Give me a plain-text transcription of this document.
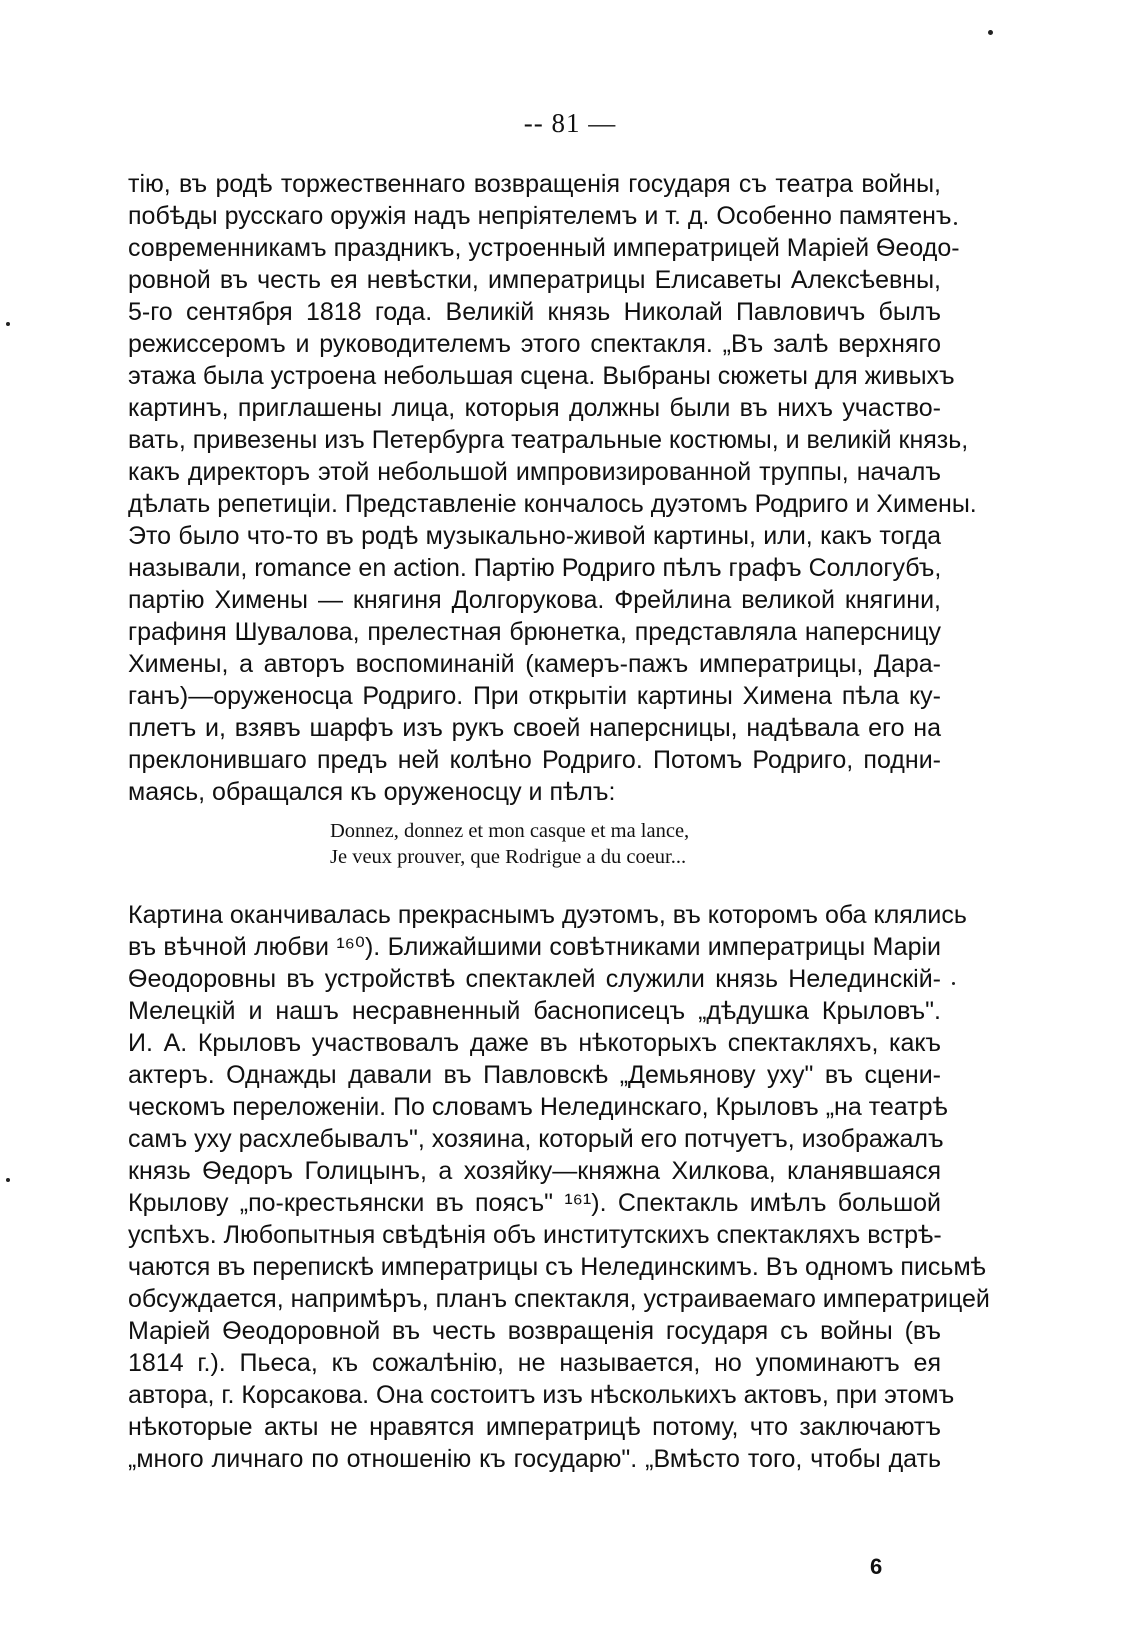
-- 81 —
тію, въ родѣ торжественнаго возвращенія государя съ театра войны,
побѣды русскаго оружія надъ непріятелемъ и т. д. Особенно памятенъ
современникамъ праздникъ, устроенный императрицей Маріей Ѳеодо-
ровной въ честь ея невѣстки, императрицы Елисаветы Алексѣевны,
5-го сентября 1818 года. Великій князь Николай Павловичъ былъ
режиссеромъ и руководителемъ этого спектакля. „Въ залѣ верхняго
этажа была устроена небольшая сцена. Выбраны сюжеты для живыхъ
картинъ, приглашены лица, которыя должны были въ нихъ участво-
вать, привезены изъ Петербурга театральные костюмы, и великій князь,
какъ директоръ этой небольшой импровизированной труппы, началъ
дѣлать репетиціи. Представленіе кончалось дуэтомъ Родриго и Химены.
Это было что-то въ родѣ музыкально-живой картины, или, какъ тогда
называли, romance en action. Партію Родриго пѣлъ графъ Соллогубъ,
партію Химены — княгиня Долгорукова. Фрейлина великой княгини,
графиня Шувалова, прелестная брюнетка, представляла наперсницу
Химены, а авторъ воспоминаній (камеръ-пажъ императрицы, Дара-
ганъ)—оруженосца Родриго. При открытіи картины Химена пѣла ку-
плетъ и, взявъ шарфъ изъ рукъ своей наперсницы, надѣвала его на
преклонившаго предъ ней колѣно Родриго. Потомъ Родриго, подни-
маясь, обращался къ оруженосцу и пѣлъ:
Donnez, donnez et mon casque et ma lance,
Je veux prouver, que Rodrigue a du coeur...
Картина оканчивалась прекраснымъ дуэтомъ, въ которомъ оба клялись
въ вѣчной любви ¹⁶⁰). Ближайшими совѣтниками императрицы Маріи
Ѳеодоровны въ устройствѣ спектаклей служили князь Нелединскій-
Мелецкій и нашъ несравненный баснописецъ „дѣдушка Крыловъ".
И. А. Крыловъ участвовалъ даже въ нѣкоторыхъ спектакляхъ, какъ
актеръ. Однажды давали въ Павловскѣ „Демьянову уху" въ сцени-
ческомъ переложеніи. По словамъ Нелединскаго, Крыловъ „на театрѣ
самъ уху расхлебывалъ", хозяина, который его потчуетъ, изображалъ
князь Ѳедоръ Голицынъ, а хозяйку—княжна Хилкова, кланявшаяся
Крылову „по-крестьянски въ поясъ" ¹⁶¹). Спектакль имѣлъ большой
успѣхъ. Любопытныя свѣдѣнія объ институтскихъ спектакляхъ встрѣ-
чаются въ перепискѣ императрицы съ Нелединскимъ. Въ одномъ письмѣ
обсуждается, напримѣръ, планъ спектакля, устраиваемаго императрицей
Маріей Ѳеодоровной въ честь возвращенія государя съ войны (въ
1814 г.). Пьеса, къ сожалѣнію, не называется, но упоминаютъ ея
автора, г. Корсакова. Она состоитъ изъ нѣсколькихъ актовъ, при этомъ
нѣкоторые акты не нравятся императрицѣ потому, что заключаютъ
„много личнаго по отношенію къ государю". „Вмѣсто того, чтобы дать
6
